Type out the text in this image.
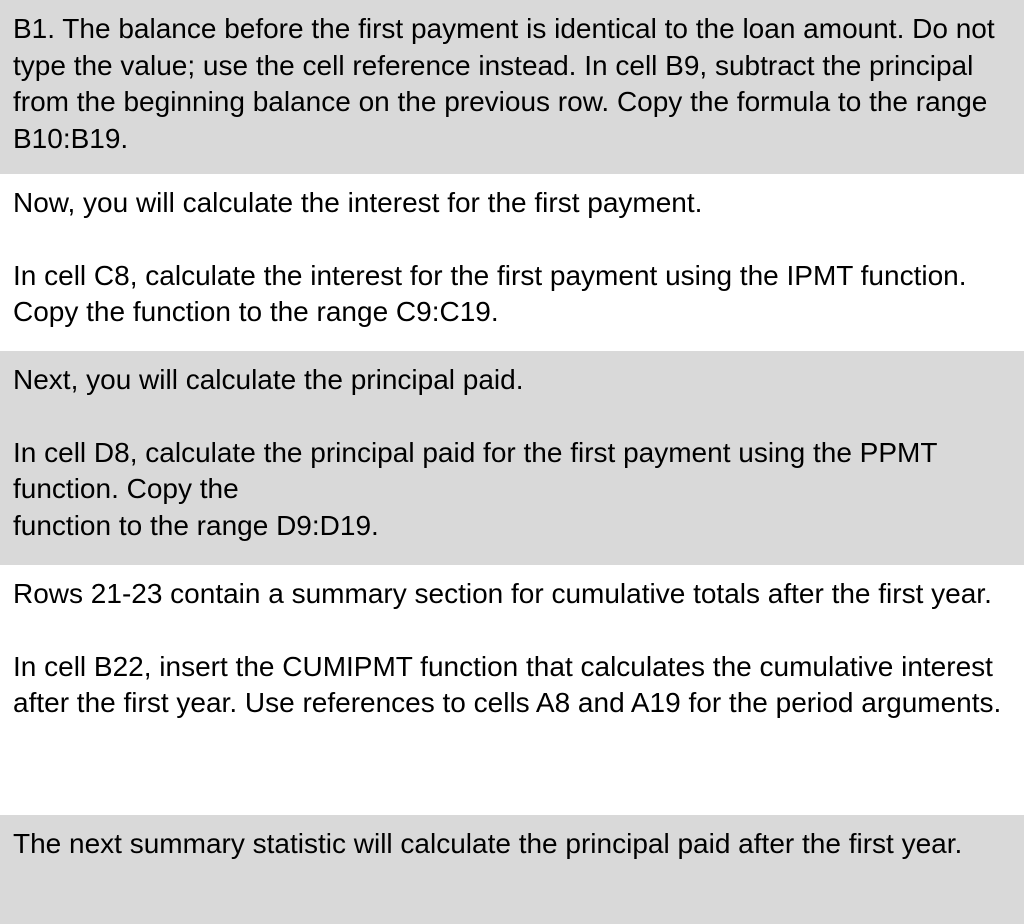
B1. The balance before the first payment is identical to the loan amount. Do not type the value; use the cell reference instead. In cell B9, subtract the principal from the beginning balance on the previous row. Copy the formula to the range B10:B19.

Now, you will calculate the interest for the first payment.

In cell C8, calculate the interest for the first payment using the IPMT function. Copy the function to the range C9:C19.

Next, you will calculate the principal paid.

In cell D8, calculate the principal paid for the first payment using the PPMT function. Copy the
function to the range D9:D19.

Rows 21-23 contain a summary section for cumulative totals after the first year.

In cell B22, insert the CUMIPMT function that calculates the cumulative interest after the first year. Use references to cells A8 and A19 for the period arguments.

The next summary statistic will calculate the principal paid after the first year.
